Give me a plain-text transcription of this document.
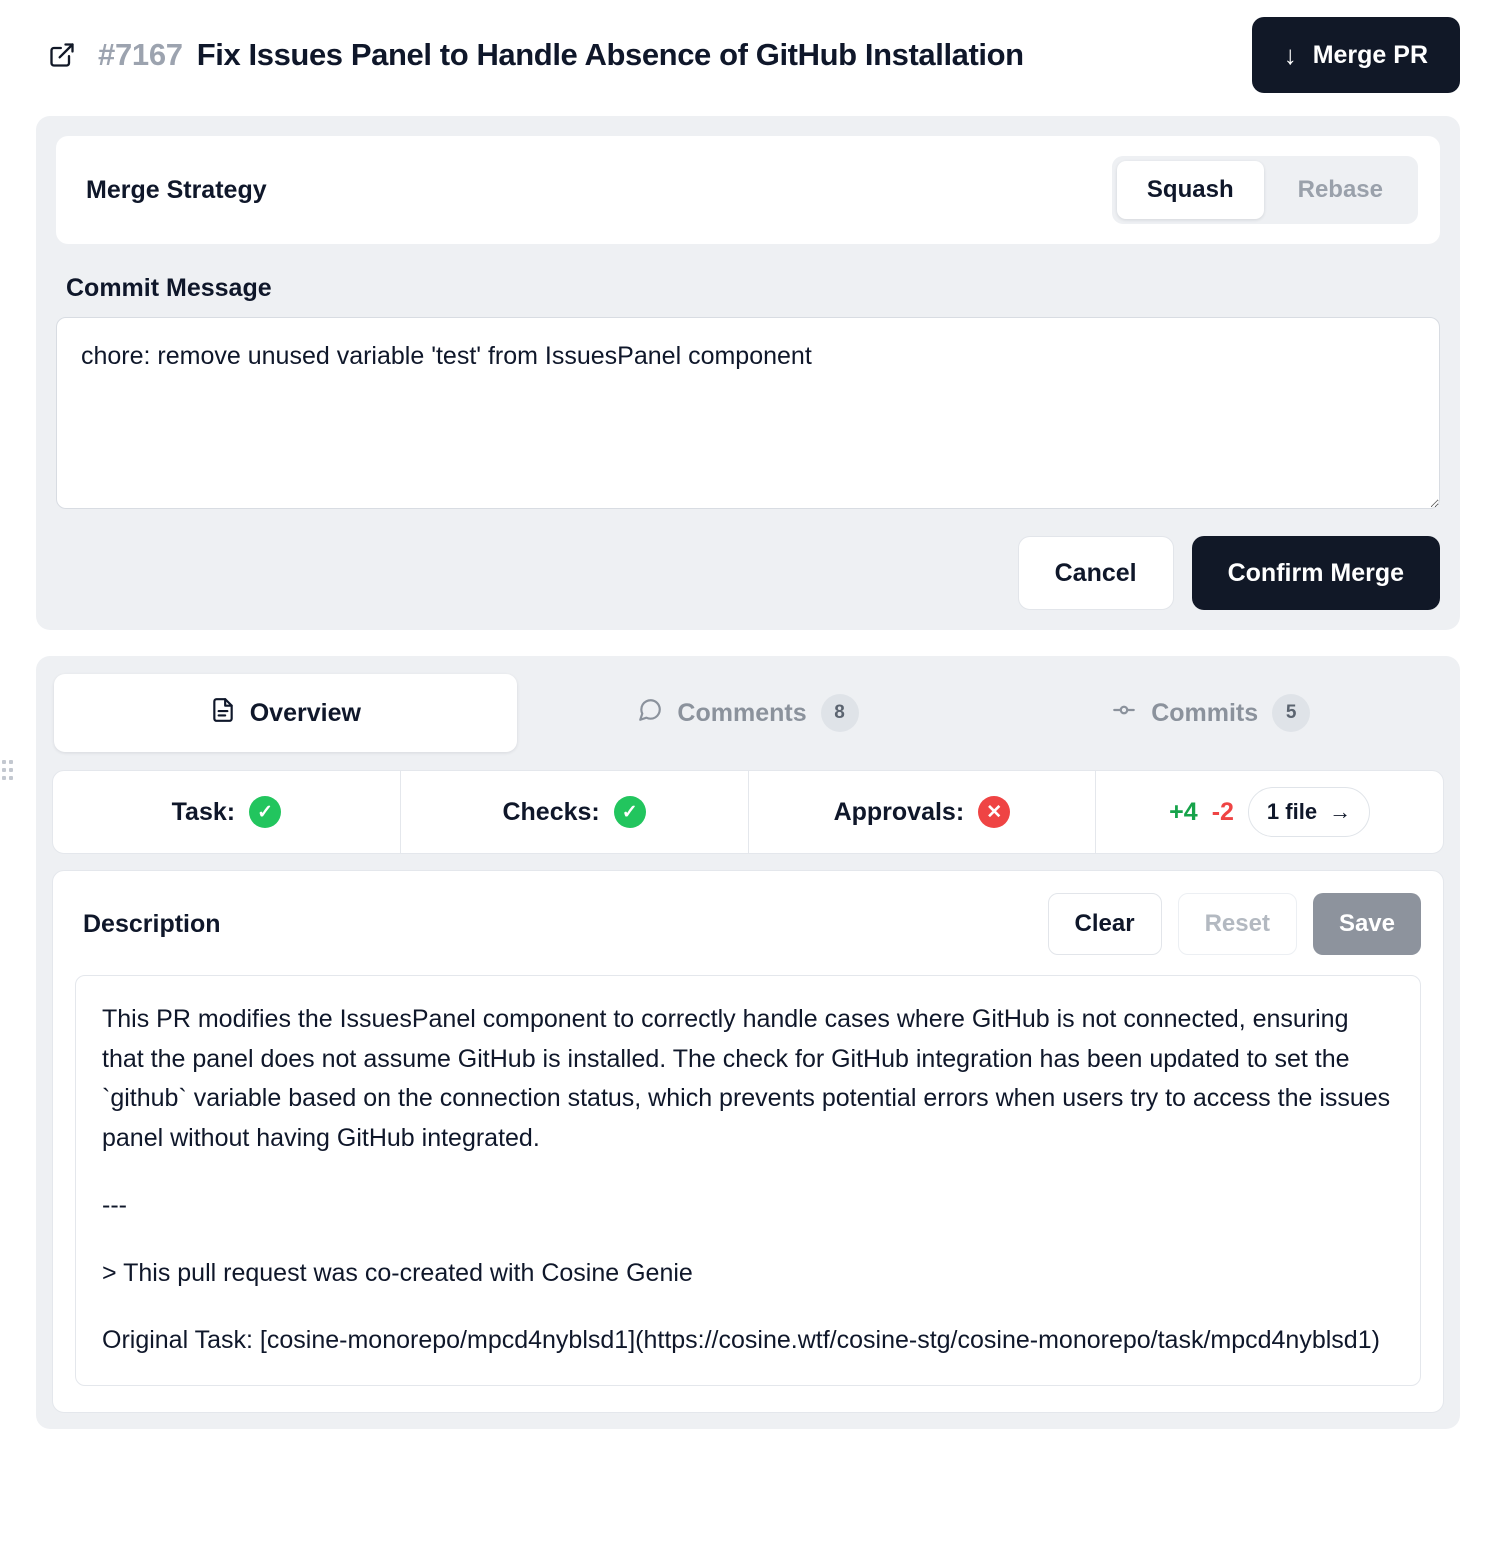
#7167 Fix Issues Panel to Handle Absence of GitHub Installation	↓ Merge PR
Merge Strategy	Squash	Rebase
Commit Message
chore: remove unused variable 'test' from IssuesPanel component
Cancel	Confirm Merge
Overview	Comments	8	Commits	5
Task:	✓	Checks:	✓	Approvals:	✕	+4 -2 1 file →
Description	Clear	Reset	Save

This PR modifies the IssuesPanel component to correctly handle cases where GitHub is not connected, ensuring that the panel does not assume GitHub is installed. The check for GitHub integration has been updated to set the `github` variable based on the connection status, which prevents potential errors when users try to access the issues panel without having GitHub integrated.

---

> This pull request was co-created with Cosine Genie

Original Task: [cosine-monorepo/mpcd4nyblsd1](https://cosine.wtf/cosine-stg/cosine-monorepo/task/mpcd4nyblsd1)
